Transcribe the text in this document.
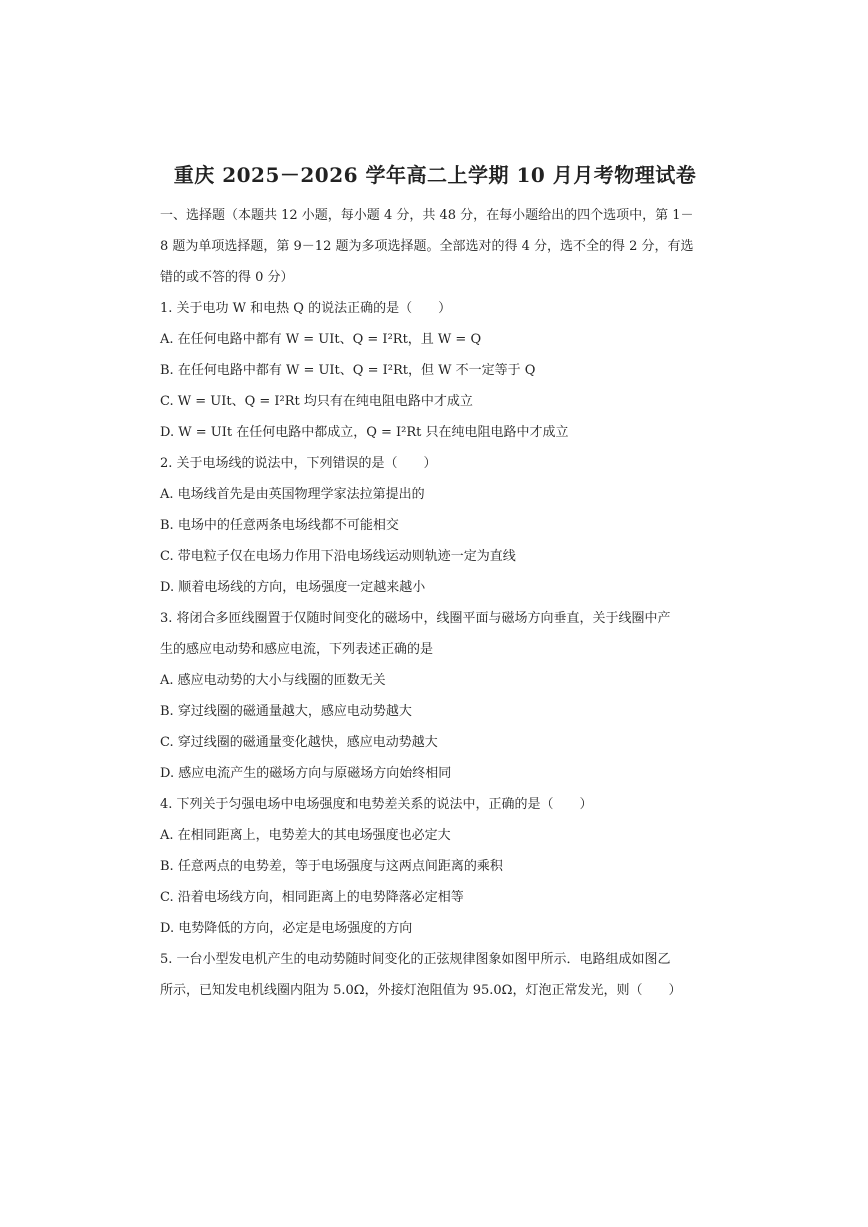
重庆 2025－2026 学年高二上学期 10 月月考物理试卷
一、选择题（本题共 12 小题，每小题 4 分，共 48 分，在每小题给出的四个选项中，第 1－
8 题为单项选择题，第 9－12 题为多项选择题。全部选对的得 4 分，选不全的得 2 分，有选
错的或不答的得 0 分）
1. 关于电功 W 和电热 Q 的说法正确的是（　　）
A. 在任何电路中都有 W = UIt、Q = I²Rt，且 W = Q
B. 在任何电路中都有 W = UIt、Q = I²Rt，但 W 不一定等于 Q
C. W = UIt、Q = I²Rt 均只有在纯电阻电路中才成立
D. W = UIt 在任何电路中都成立，Q = I²Rt 只在纯电阻电路中才成立
2. 关于电场线的说法中，下列错误的是（　　）
A. 电场线首先是由英国物理学家法拉第提出的
B. 电场中的任意两条电场线都不可能相交
C. 带电粒子仅在电场力作用下沿电场线运动则轨迹一定为直线
D. 顺着电场线的方向，电场强度一定越来越小
3. 将闭合多匝线圈置于仅随时间变化的磁场中，线圈平面与磁场方向垂直，关于线圈中产
生的感应电动势和感应电流，下列表述正确的是
A. 感应电动势的大小与线圈的匝数无关
B. 穿过线圈的磁通量越大，感应电动势越大
C. 穿过线圈的磁通量变化越快，感应电动势越大
D. 感应电流产生的磁场方向与原磁场方向始终相同
4. 下列关于匀强电场中电场强度和电势差关系的说法中，正确的是（　　）
A. 在相同距离上，电势差大的其电场强度也必定大
B. 任意两点的电势差，等于电场强度与这两点间距离的乘积
C. 沿着电场线方向，相同距离上的电势降落必定相等
D. 电势降低的方向，必定是电场强度的方向
5. 一台小型发电机产生的电动势随时间变化的正弦规律图象如图甲所示．电路组成如图乙
所示，已知发电机线圈内阻为 5.0Ω，外接灯泡阻值为 95.0Ω，灯泡正常发光，则（　　）
